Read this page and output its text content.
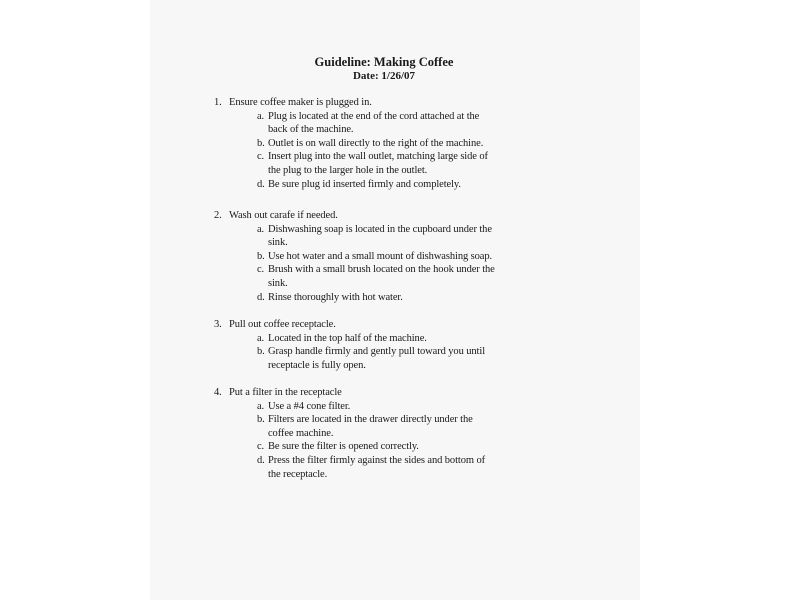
Guideline: Making Coffee
Date: 1/26/07
1. Ensure coffee maker is plugged in.
a. Plug is located at the end of the cord attached at the
back of the machine.
b. Outlet is on wall directly to the right of the machine.
c. Insert plug into the wall outlet, matching large side of
the plug to the larger hole in the outlet.
d. Be sure plug id inserted firmly and completely.
2. Wash out carafe if needed.
a. Dishwashing soap is located in the cupboard under the
sink.
b. Use hot water and a small mount of dishwashing soap.
c. Brush with a small brush located on the hook under the
sink.
d. Rinse thoroughly with hot water.
3. Pull out coffee receptacle.
a. Located in the top half of the machine.
b. Grasp handle firmly and gently pull toward you until
receptacle is fully open.
4. Put a filter in the receptacle
a. Use a #4 cone filter.
b. Filters are located in the drawer directly under the
coffee machine.
c. Be sure the filter is opened correctly.
d. Press the filter firmly against the sides and bottom of
the receptacle.
